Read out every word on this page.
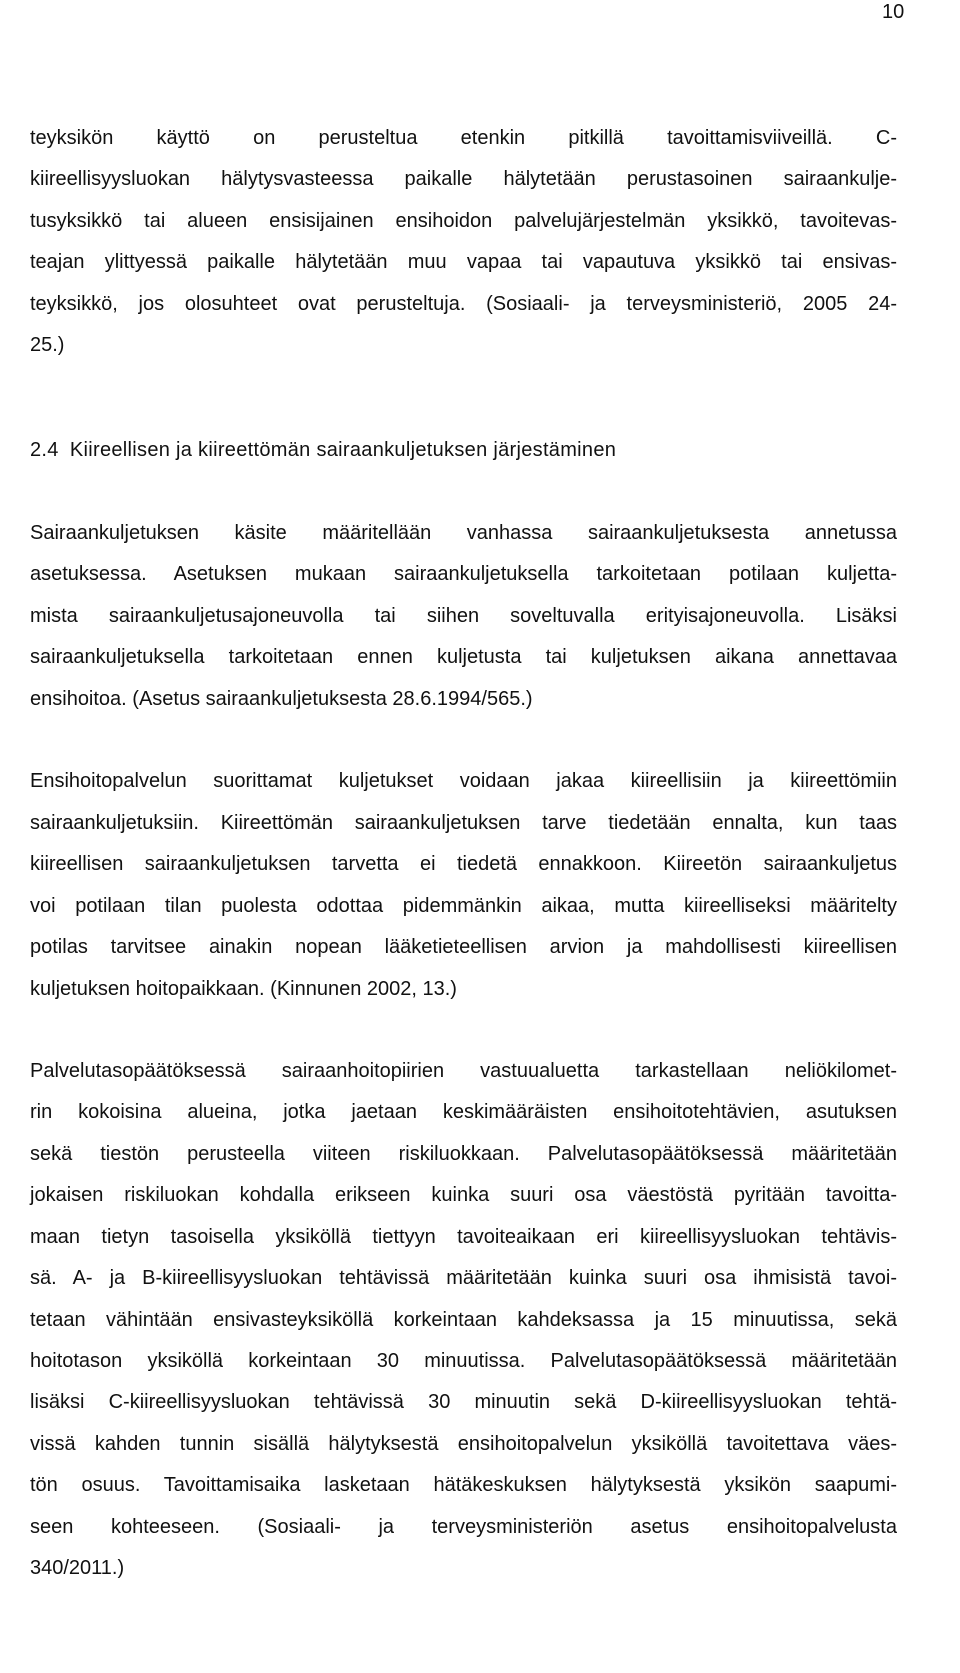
10
teyksikön käyttö on perusteltua etenkin pitkillä tavoittamisviiveillä. C-
kiireellisyysluokan hälytysvasteessa paikalle hälytetään perustasoinen sairaankulje-
tusyksikkö tai alueen ensisijainen ensihoidon palvelujärjestelmän yksikkö, tavoitevas-
teajan ylittyessä paikalle hälytetään muu vapaa tai vapautuva yksikkö tai ensivas-
teyksikkö, jos olosuhteet ovat perusteltuja. (Sosiaali- ja terveysministeriö, 2005 24-
25.)
2.4 Kiireellisen ja kiireettömän sairaankuljetuksen järjestäminen
Sairaankuljetuksen käsite määritellään vanhassa sairaankuljetuksesta annetussa
asetuksessa. Asetuksen mukaan sairaankuljetuksella tarkoitetaan potilaan kuljetta-
mista sairaankuljetusajoneuvolla tai siihen soveltuvalla erityisajoneuvolla. Lisäksi
sairaankuljetuksella tarkoitetaan ennen kuljetusta tai kuljetuksen aikana annettavaa
ensihoitoa. (Asetus sairaankuljetuksesta 28.6.1994/565.)
Ensihoitopalvelun suorittamat kuljetukset voidaan jakaa kiireellisiin ja kiireettömiin
sairaankuljetuksiin. Kiireettömän sairaankuljetuksen tarve tiedetään ennalta, kun taas
kiireellisen sairaankuljetuksen tarvetta ei tiedetä ennakkoon. Kiireetön sairaankuljetus
voi potilaan tilan puolesta odottaa pidemmänkin aikaa, mutta kiireelliseksi määritelty
potilas tarvitsee ainakin nopean lääketieteellisen arvion ja mahdollisesti kiireellisen
kuljetuksen hoitopaikkaan. (Kinnunen 2002, 13.)
Palvelutasopäätöksessä sairaanhoitopiirien vastuualuetta tarkastellaan neliökilomet-
rin kokoisina alueina, jotka jaetaan keskimääräisten ensihoitotehtävien, asutuksen
sekä tiestön perusteella viiteen riskiluokkaan. Palvelutasopäätöksessä määritetään
jokaisen riskiluokan kohdalla erikseen kuinka suuri osa väestöstä pyritään tavoitta-
maan tietyn tasoisella yksiköllä tiettyyn tavoiteaikaan eri kiireellisyysluokan tehtävis-
sä. A- ja B-kiireellisyysluokan tehtävissä määritetään kuinka suuri osa ihmisistä tavoi-
tetaan vähintään ensivasteyksiköllä korkeintaan kahdeksassa ja 15 minuutissa, sekä
hoitotason yksiköllä korkeintaan 30 minuutissa. Palvelutasopäätöksessä määritetään
lisäksi C-kiireellisyysluokan tehtävissä 30 minuutin sekä D-kiireellisyysluokan tehtä-
vissä kahden tunnin sisällä hälytyksestä ensihoitopalvelun yksiköllä tavoitettava väes-
tön osuus. Tavoittamisaika lasketaan hätäkeskuksen hälytyksestä yksikön saapumi-
seen kohteeseen. (Sosiaali- ja terveysministeriön asetus ensihoitopalvelusta
340/2011.)
